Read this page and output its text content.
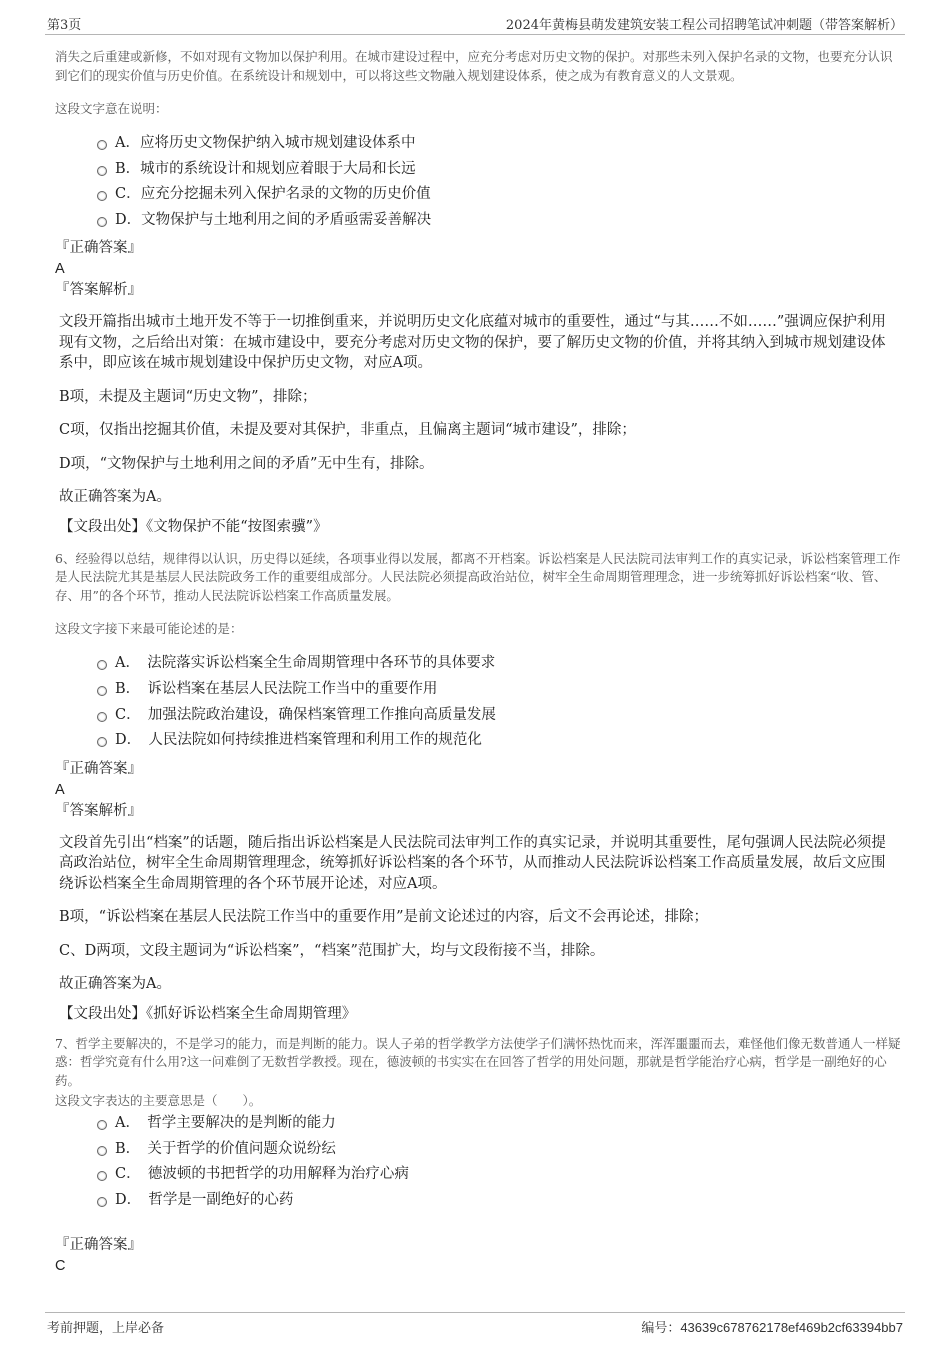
第3页	2024年黄梅县萌发建筑安装工程公司招聘笔试冲刺题（带答案解析）

消失之后重建或新修，不如对现有文物加以保护利用。在城市建设过程中，应充分考虑对历史文物的保护。对那些未列入保护名录的文物，也要充分认识到它们的现实价值与历史价值。在系统设计和规划中，可以将这些文物融入规划建设体系，使之成为有教育意义的人文景观。

这段文字意在说明：

A．应将历史文物保护纳入城市规划建设体系中
B．城市的系统设计和规划应着眼于大局和长远
C．应充分挖掘未列入保护名录的文物的历史价值
D．文物保护与土地利用之间的矛盾亟需妥善解决

『正确答案』

A

『答案解析』

文段开篇指出城市土地开发不等于一切推倒重来，并说明历史文化底蕴对城市的重要性，通过“与其……不如……”强调应保护利用现有文物，之后给出对策：在城市建设中，要充分考虑对历史文物的保护，要了解历史文物的价值，并将其纳入到城市规划建设体系中，即应该在城市规划建设中保护历史文物，对应A项。

B项，未提及主题词“历史文物”，排除；

C项，仅指出挖掘其价值，未提及要对其保护，非重点，且偏离主题词“城市建设”，排除；

D项，“文物保护与土地利用之间的矛盾”无中生有，排除。

故正确答案为A。

【文段出处】《文物保护不能“按图索骥”》

6、经验得以总结，规律得以认识，历史得以延续，各项事业得以发展，都离不开档案。诉讼档案是人民法院司法审判工作的真实记录，诉讼档案管理工作是人民法院尤其是基层人民法院政务工作的重要组成部分。人民法院必须提高政治站位，树牢全生命周期管理理念，进一步统筹抓好诉讼档案“收、管、存、用”的各个环节，推动人民法院诉讼档案工作高质量发展。

这段文字接下来最可能论述的是：

A．　法院落实诉讼档案全生命周期管理中各环节的具体要求
B．　诉讼档案在基层人民法院工作当中的重要作用
C．　加强法院政治建设，确保档案管理工作推向高质量发展
D．　人民法院如何持续推进档案管理和利用工作的规范化

『正确答案』

A

『答案解析』

文段首先引出“档案”的话题，随后指出诉讼档案是人民法院司法审判工作的真实记录，并说明其重要性，尾句强调人民法院必须提高政治站位，树牢全生命周期管理理念，统筹抓好诉讼档案的各个环节，从而推动人民法院诉讼档案工作高质量发展，故后文应围绕诉讼档案全生命周期管理的各个环节展开论述，对应A项。

B项，“诉讼档案在基层人民法院工作当中的重要作用”是前文论述过的内容，后文不会再论述，排除；

C、D两项，文段主题词为“诉讼档案”，“档案”范围扩大，均与文段衔接不当，排除。

故正确答案为A。

【文段出处】《抓好诉讼档案全生命周期管理》

7、哲学主要解决的，不是学习的能力，而是判断的能力。误人子弟的哲学教学方法使学子们满怀热忱而来，浑浑噩噩而去，难怪他们像无数普通人一样疑惑：哲学究竟有什么用?这一问难倒了无数哲学教授。现在，德波顿的书实实在在回答了哲学的用处问题，那就是哲学能治疗心病，哲学是一副绝好的心药。

这段文字表达的主要意思是（　　）。

A．　哲学主要解决的是判断的能力
B．　关于哲学的价值问题众说纷纭
C．　德波顿的书把哲学的功用解释为治疗心病
D．　哲学是一副绝好的心药

『正确答案』

C

考前押题，上岸必备	编号：43639c678762178ef469b2cf63394bb7
